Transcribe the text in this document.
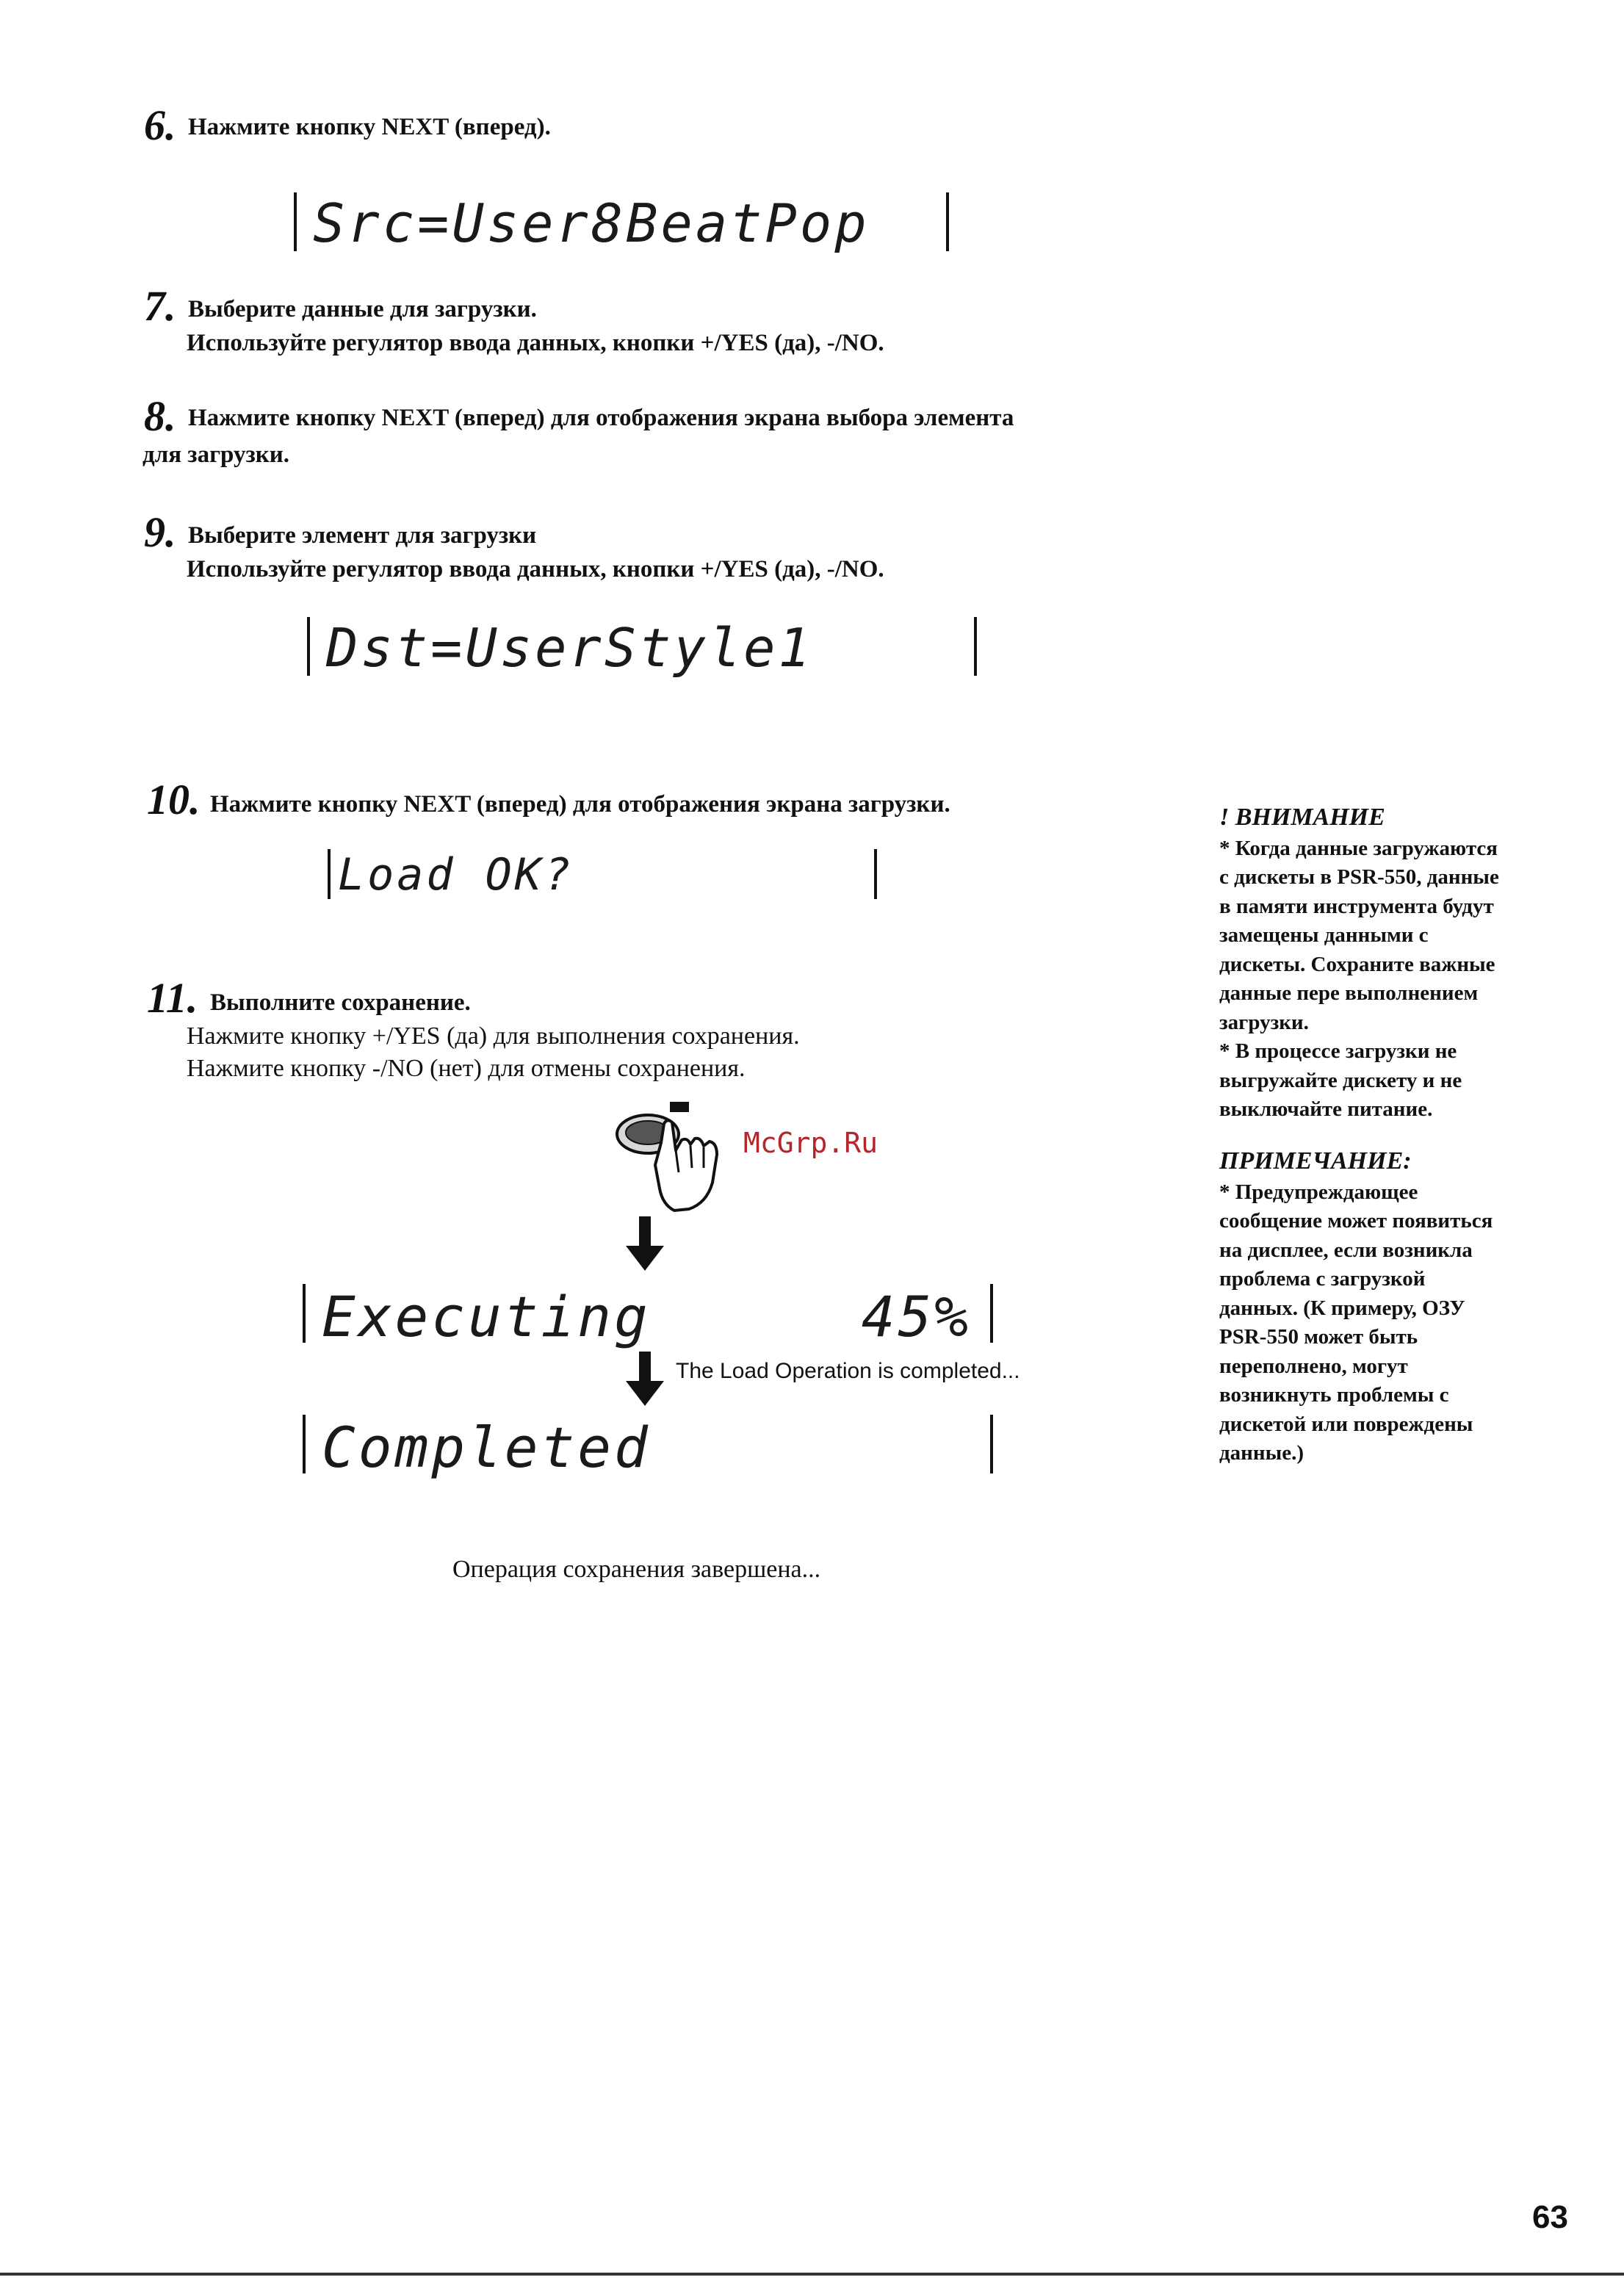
6. Нажмите кнопку NEXT (вперед).

Src=User8BeatPop

7. Выберите данные для загрузки.
Используйте регулятор ввода данных, кнопки +/YES (да), -/NO.
8. Нажмите кнопку NEXT (вперед) для отображения экрана выбора элемента
для загрузки.
9. Выберите элемент для загрузки
Используйте регулятор ввода данных, кнопки +/YES (да), -/NO.

Dst=UserStyle1

10. Нажмите кнопку NEXT (вперед) для отображения экрана загрузки.

Load OK?

11. Выполните сохранение.
Нажмите кнопку +/YES (да) для выполнения сохранения.
Нажмите кнопку -/NO (нет) для отмены сохранения.
McGrp.Ru

Executing

	45%

The Load Operation is completed...

Completed

Операция сохранения завершена...
! ВНИМАНИЕ
* Когда данные загружаются
с дискеты в PSR-550, данные
в памяти инструмента будут
замещены данными с
дискеты. Сохраните важные
данные пере выполнением
загрузки.
* В процессе загрузки не
выгружайте дискету и не
выключайте питание.
ПРИМЕЧАНИЕ:
* Предупреждающее
сообщение может появиться
на дисплее, если возникла
проблема с загрузкой
данных. (К примеру, ОЗУ
PSR-550 может быть
переполнено, могут
возникнуть проблемы с
дискетой или повреждены
данные.)
63
